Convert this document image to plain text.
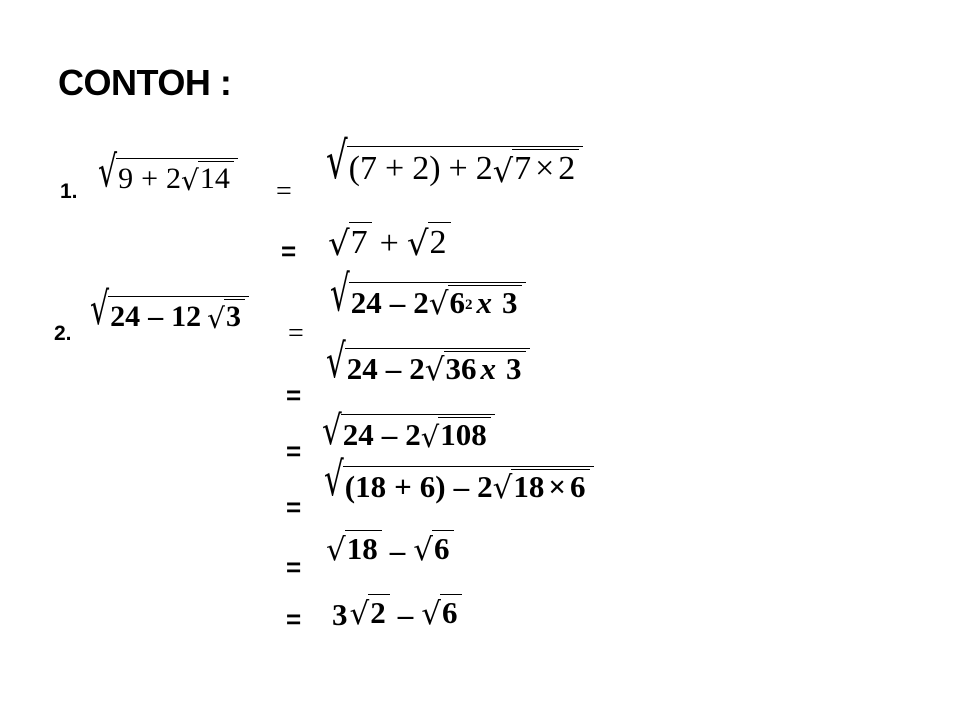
CONTOH :
1. √ 9 + 2 √ 14 =
√ (7 + 2) + 2 √ 7 × 2
= √ 7 + √ 2
2. √ 24 – 12 √ 3
=
√ 24 – 2 √ $6^2$ x 3
=
√ 24 – 2 √ 36 x 3
= √ 24 – 2 √ 108
=
√ (18 + 6) – 2 √ 18 × 6
= √ 18 – √ 6
= 3 √ 2 – √ 6
